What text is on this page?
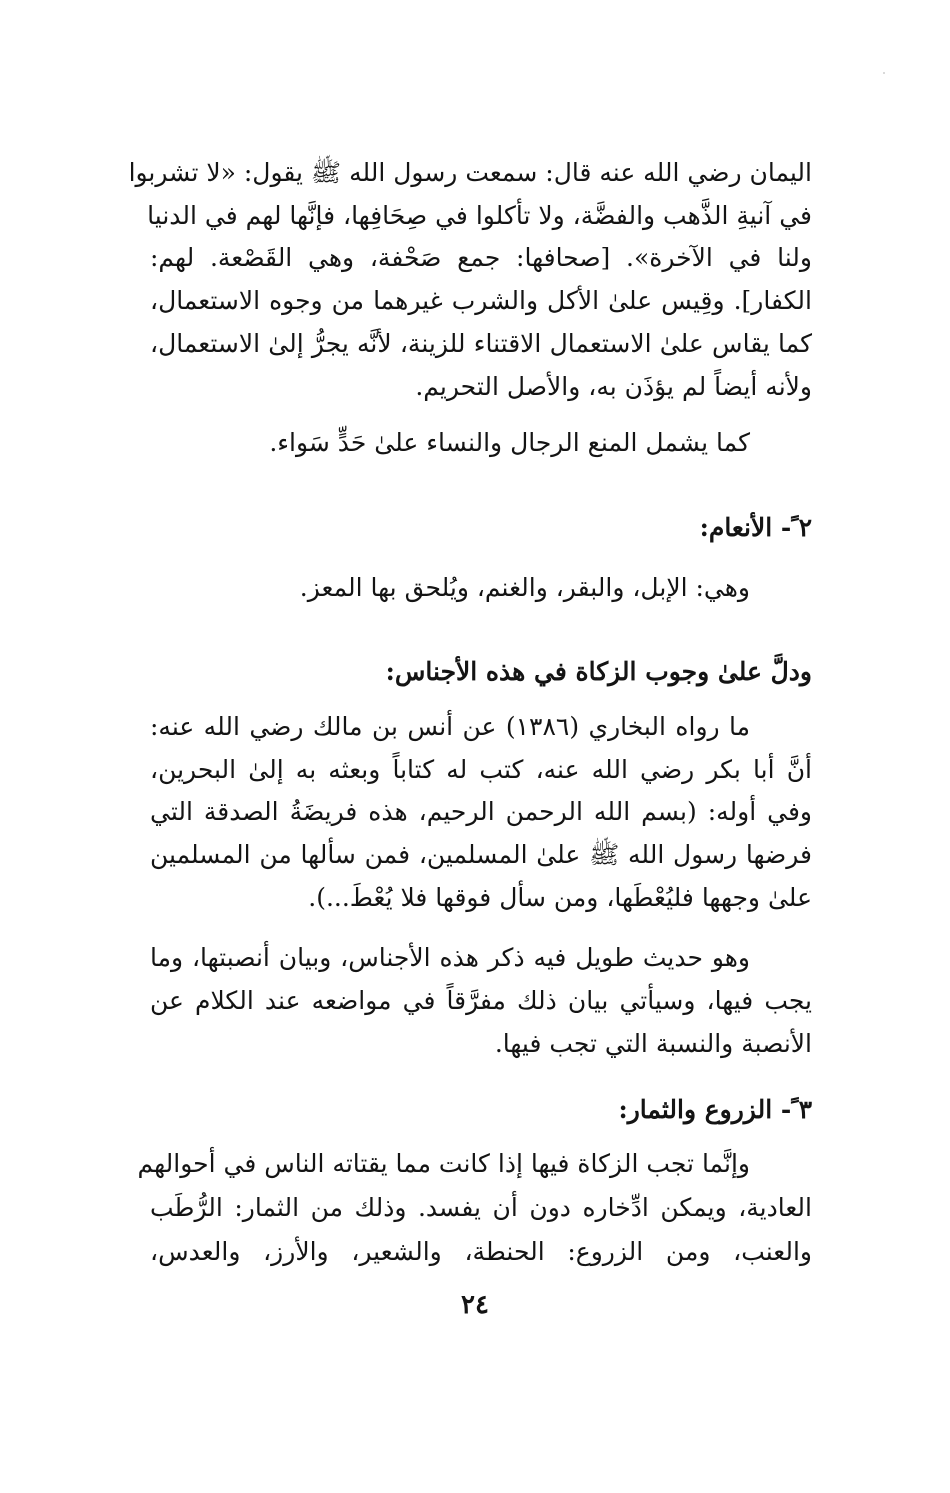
اليمان رضي الله عنه قال: سمعت رسول الله ﷺ يقول: «لا تشربوا
في آنيةِ الذَّهب والفضَّة، ولا تأكلوا في صِحَافِها، فإنَّها لهم في الدنيا
ولنا في الآخرة». [صحافها: جمع صَحْفة، وهي القَصْعة. لهم:
الكفار]. وقِيس علىٰ الأكل والشرب غيرهما من وجوه الاستعمال،
كما يقاس علىٰ الاستعمال الاقتناء للزينة، لأنَّه يجرُّ إلىٰ الاستعمال،
ولأنه أيضاً لم يؤذَن به، والأصل التحريم.
كما يشمل المنع الرجال والنساء علىٰ حَدٍّ سَواء.
٢ ً- الأنعام:
وهي: الإبل، والبقر، والغنم، ويُلحق بها المعز.
ودلَّ علىٰ وجوب الزكاة في هذه الأجناس:
ما رواه البخاري (١٣٨٦) عن أنس بن مالك رضي الله عنه:
أنَّ أبا بكر رضي الله عنه، كتب له كتاباً وبعثه به إلىٰ البحرين،
وفي أوله: (بسم الله الرحمن الرحيم، هذه فريضَةُ الصدقة التي
فرضها رسول الله ﷺ علىٰ المسلمين، فمن سألها من المسلمين
علىٰ وجهها فليُعْطَها، ومن سأل فوقها فلا يُعْطَ...).
وهو حديث طويل فيه ذكر هذه الأجناس، وبيان أنصبتها، وما
يجب فيها، وسيأتي بيان ذلك مفرَّقاً في مواضعه عند الكلام عن
الأنصبة والنسبة التي تجب فيها.
٣ ً- الزروع والثمار:
وإنَّما تجب الزكاة فيها إذا كانت مما يقتاته الناس في أحوالهم
العادية، ويمكن ادِّخاره دون أن يفسد. وذلك من الثمار: الرُّطَب
والعنب، ومن الزروع: الحنطة، والشعير، والأرز، والعدس،
٢٤
